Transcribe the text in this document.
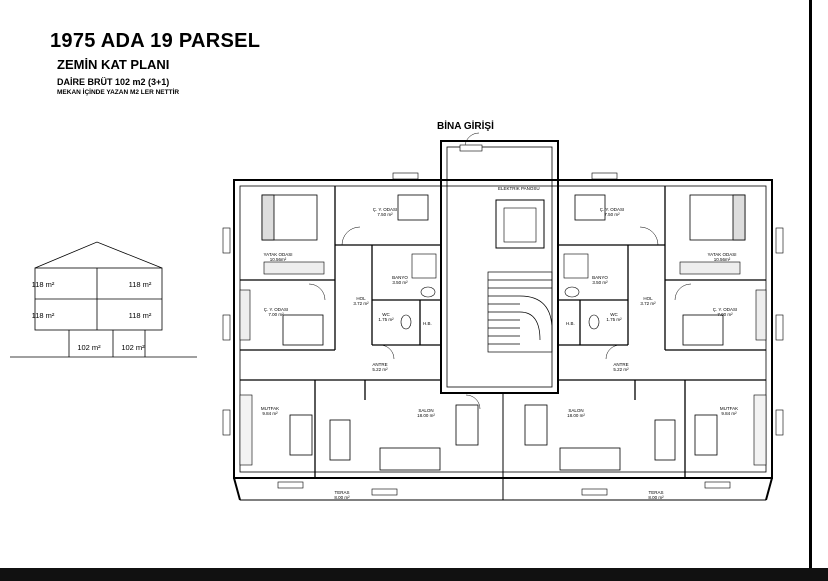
1975 ADA 19 PARSEL
ZEMİN KAT PLANI
DAİRE BRÜT 102 m2 (3+1)
MEKAN İÇİNDE YAZAN M2 LER NETTİR
BİNA GİRİŞİ
118 m²	118 m²
118 m²	118 m²
102 m²	102 m²
Ç. Y. ODASI
7.50 m²
YATAK ODASI
10.56m²
Ç. Y. ODASI
7.00 m²
BANYO
3.50 m²
HOL
3.72 m²
WC
1.75 m²
H.B.
ANTRE
5.22 m²
MUTFAK
9.84 m²
SALON
18.00 m²
TERAS
8.00 m²
ELEKTRİK PANOSU
Ç. Y. ODASI
7.50 m²
YATAK ODASI
10.56m²
Ç. Y. ODASI
7.00 m²
BANYO
3.50 m²
HOL
3.72 m²
WC
1.75 m²
H.B.
ANTRE
5.22 m²
MUTFAK
9.84 m²
SALON
18.00 m²
TERAS
8.00 m²
